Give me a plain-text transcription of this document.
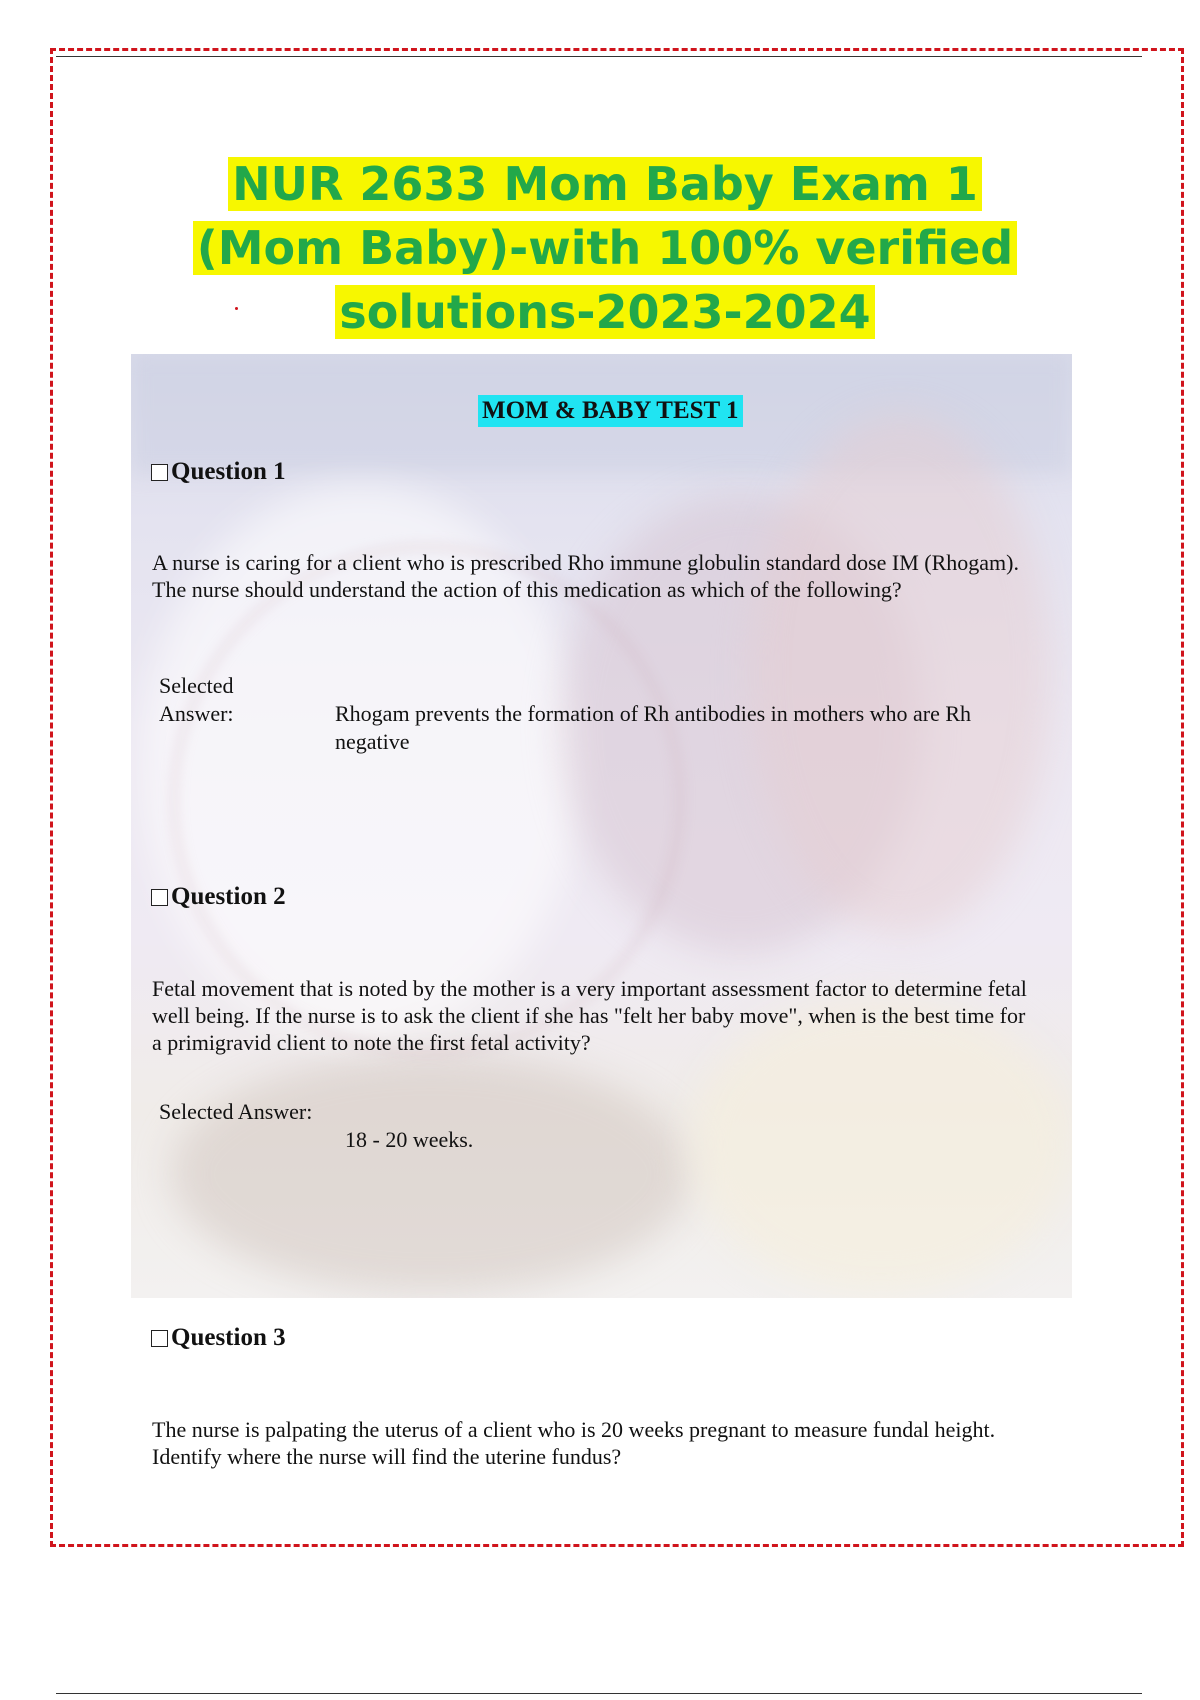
NUR 2633 Mom Baby Exam 1 (Mom Baby)-with 100% verified solutions-2023-2024
MOM & BABY TEST 1
Question 1

A nurse is caring for a client who is prescribed Rho immune globulin standard dose IM (Rhogam). The nurse should understand the action of this medication as which of the following?

Selected
Answer:	Rhogam prevents the formation of Rh antibodies in mothers who are Rh negative
Question 2

Fetal movement that is noted by the mother is a very important assessment factor to determine fetal well being. If the nurse is to ask the client if she has "felt her baby move", when is the best time for a primigravid client to note the first fetal activity?

Selected Answer:
18 - 20 weeks.
Question 3

The nurse is palpating the uterus of a client who is 20 weeks pregnant to measure fundal height. Identify where the nurse will find the uterine fundus?
